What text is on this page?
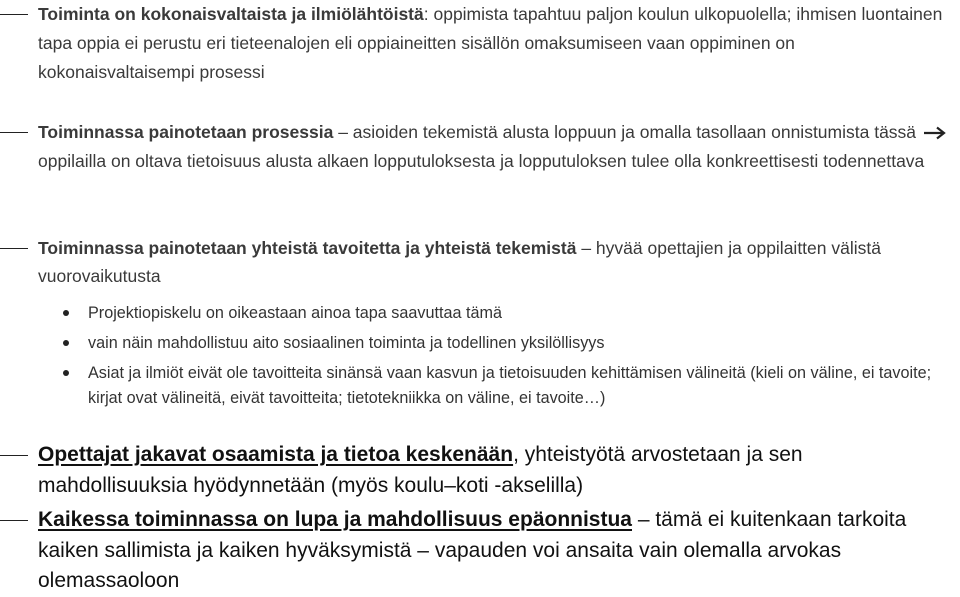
Toiminta on kokonaisvaltaista ja ilmiölähtöistä: oppimista tapahtuu paljon koulun ulkopuolella; ihmisen luontainen tapa oppia ei perustu eri tieteenalojen eli oppiaineitten sisällön omaksumiseen vaan oppiminen on kokonaisvaltaisempi prosessi
Toiminnassa painotetaan prosessia – asioiden tekemistä alusta loppuun ja omalla tasollaan onnistumista tässä  oppilailla on oltava tietoisuus alusta alkaen lopputuloksesta ja lopputuloksen tulee olla konkreettisesti todennettava
Toiminnassa painotetaan yhteistä tavoitetta ja yhteistä tekemistä – hyvää opettajien ja oppilaitten välistä vuorovaikutusta
Projektiopiskelu on oikeastaan ainoa tapa saavuttaa tämä
vain näin mahdollistuu aito sosiaalinen toiminta ja todellinen yksilöllisyys
Asiat ja ilmiöt eivät ole tavoitteita sinänsä vaan kasvun ja tietoisuuden kehittämisen välineitä (kieli on väline, ei tavoite; kirjat ovat välineitä, eivät tavoitteita; tietotekniikka on väline, ei tavoite…)
Opettajat jakavat osaamista ja tietoa keskenään, yhteistyötä arvostetaan ja sen mahdollisuuksia hyödynnetään (myös koulu–koti -akselilla)
Kaikessa toiminnassa on lupa ja mahdollisuus epäonnistua – tämä ei kuitenkaan tarkoita kaiken sallimista ja kaiken hyväksymistä – vapauden voi ansaita vain olemalla arvokas olemassaoloon
